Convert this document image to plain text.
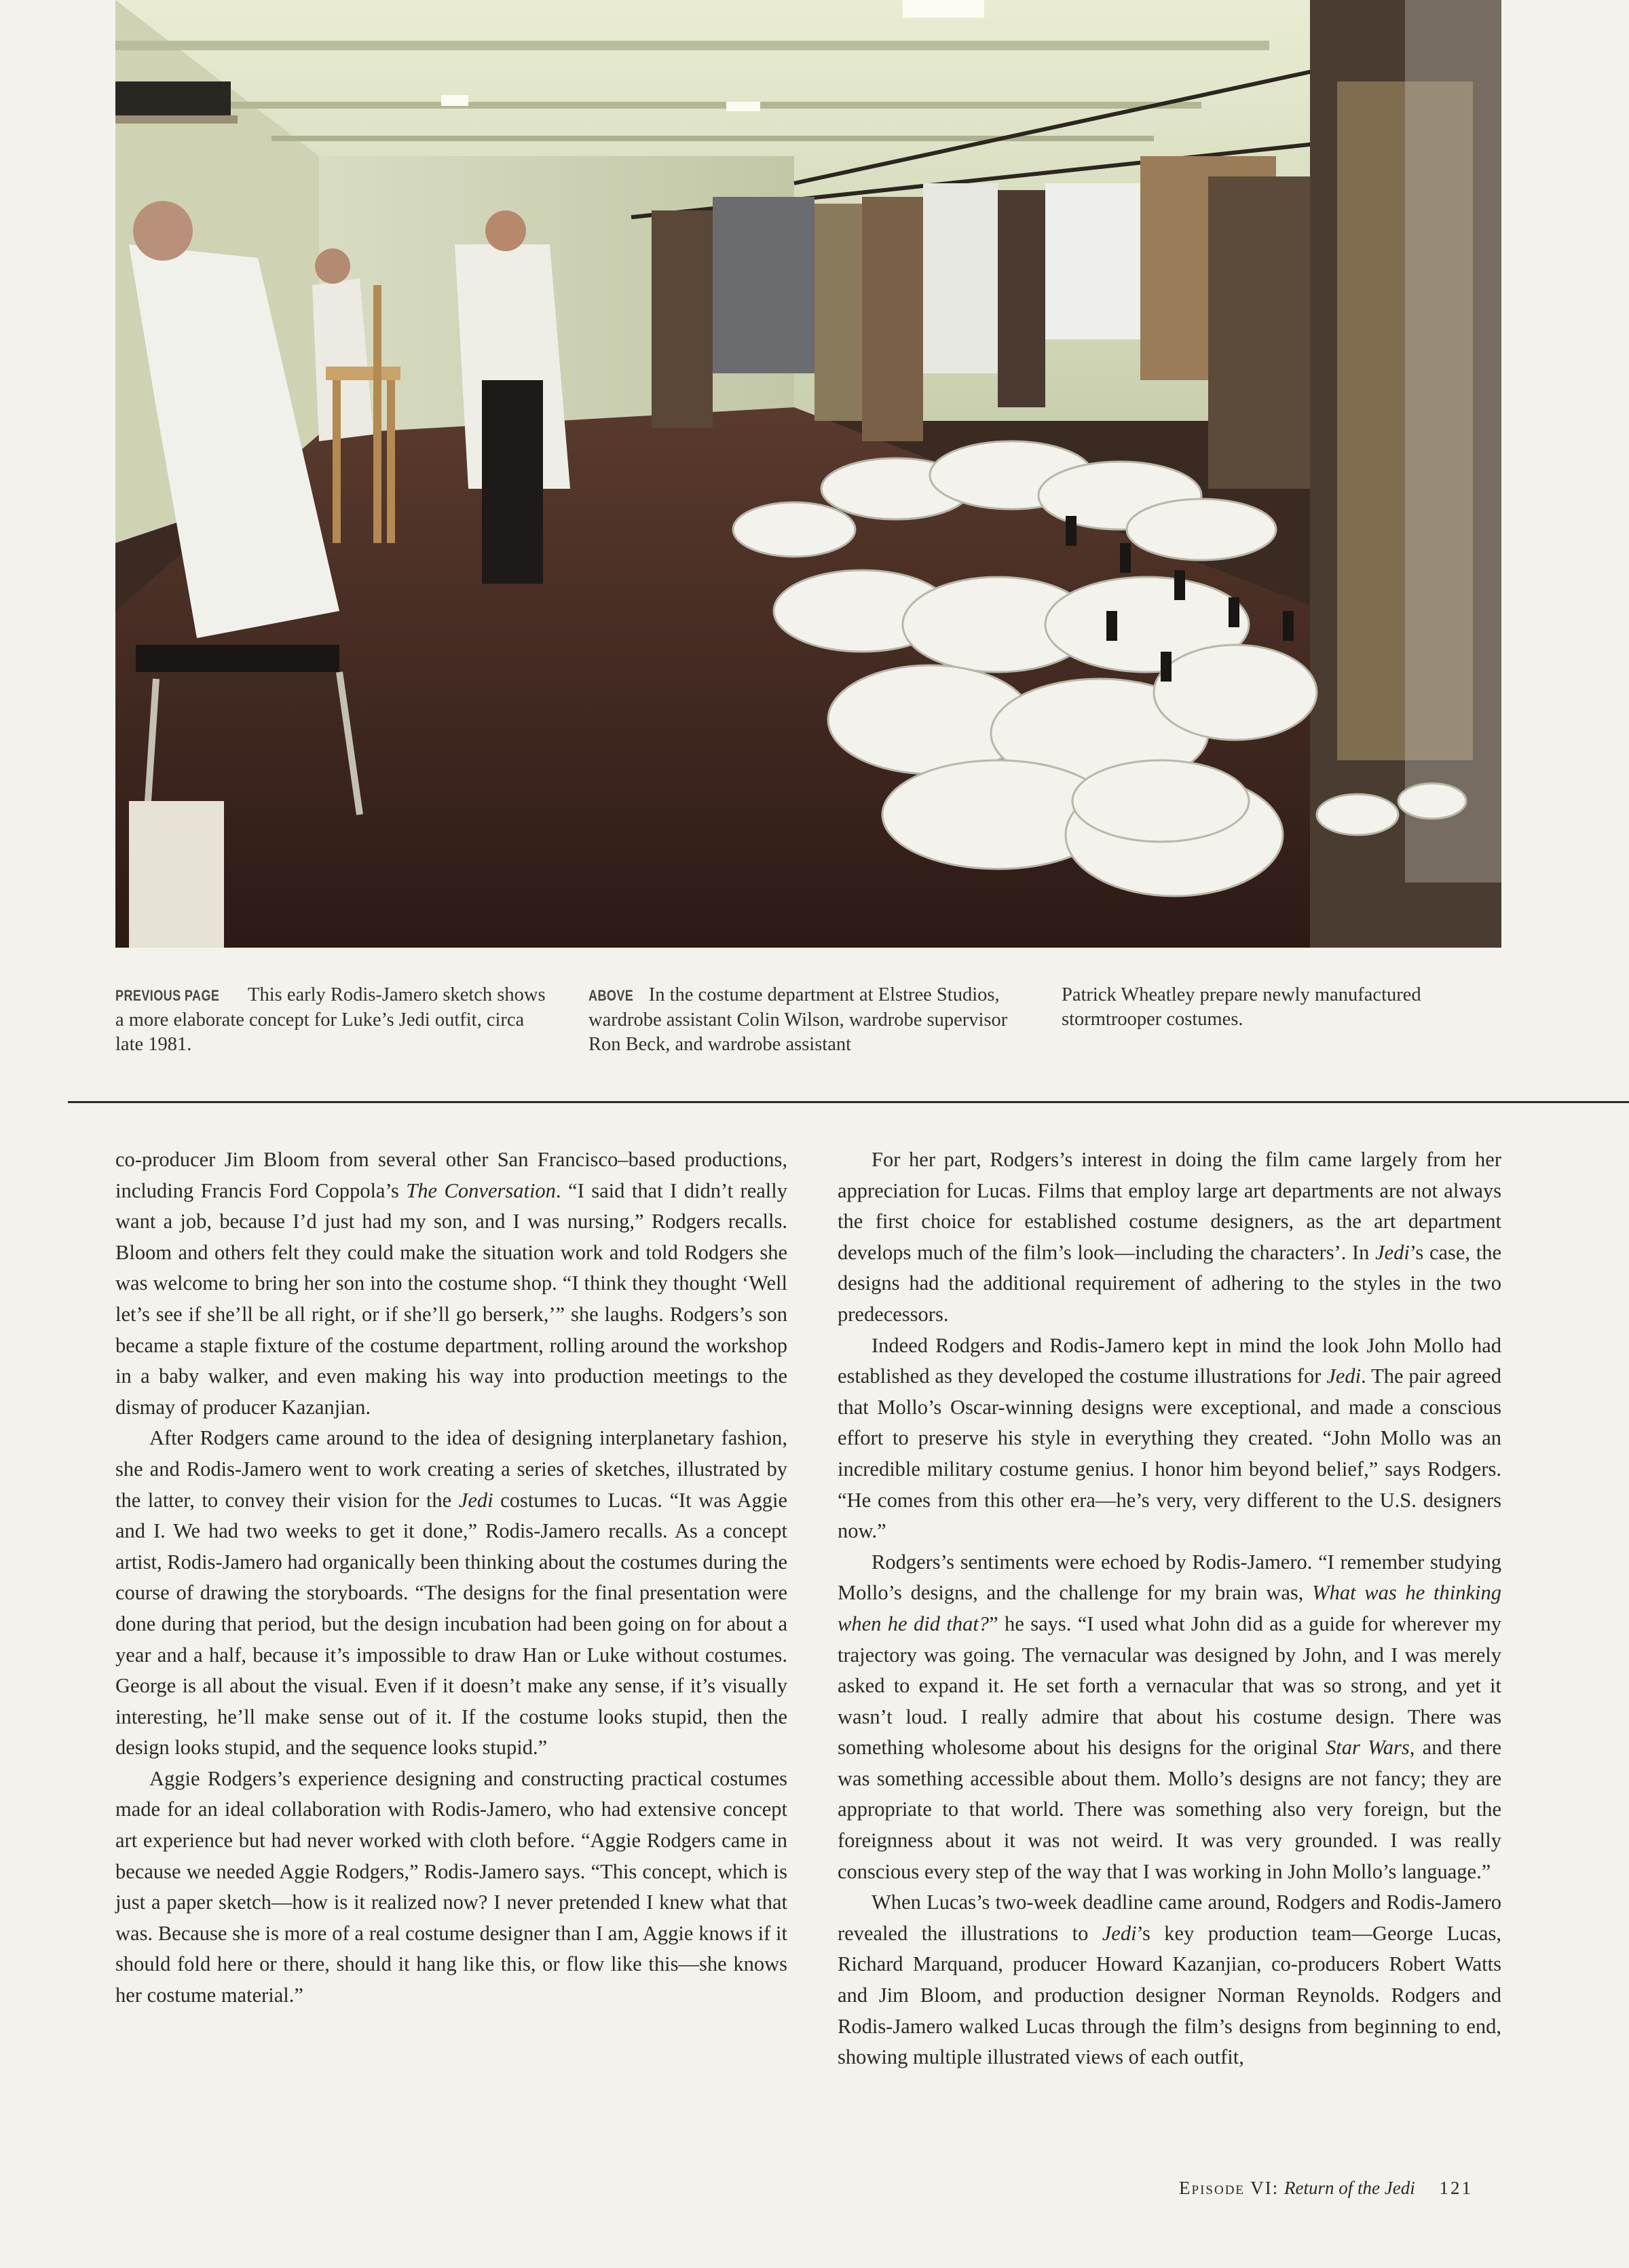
PREVIOUS PAGE This early Rodis-Jamero sketch shows a more elaborate concept for Luke’s Jedi outfit, circa late 1981.
ABOVE In the costume department at Elstree Studios, wardrobe assistant Colin Wilson, wardrobe supervisor Ron Beck, and wardrobe assistant
Patrick Wheatley prepare newly manufactured stormtrooper costumes.

co-producer Jim Bloom from several other San Francisco–based productions, including Francis Ford Coppola’s The Conversation. “I said that I didn’t really want a job, because I’d just had my son, and I was nursing,” Rodgers recalls. Bloom and others felt they could make the situation work and told Rodgers she was welcome to bring her son into the costume shop. “I think they thought ‘Well let’s see if she’ll be all right, or if she’ll go berserk,’” she laughs. Rodgers’s son became a staple fixture of the costume department, rolling around the workshop in a baby walker, and even making his way into production meetings to the dismay of producer Kazanjian.

After Rodgers came around to the idea of designing interplanetary fashion, she and Rodis-Jamero went to work creating a series of sketches, illustrated by the latter, to convey their vision for the Jedi costumes to Lucas. “It was Aggie and I. We had two weeks to get it done,” Rodis-Jamero recalls. As a concept artist, Rodis-Jamero had organically been thinking about the costumes during the course of drawing the storyboards. “The designs for the final presentation were done during that period, but the design incubation had been going on for about a year and a half, because it’s impossible to draw Han or Luke without costumes. George is all about the visual. Even if it doesn’t make any sense, if it’s visually interesting, he’ll make sense out of it. If the costume looks stupid, then the design looks stupid, and the sequence looks stupid.”

Aggie Rodgers’s experience designing and constructing practical costumes made for an ideal collaboration with Rodis-Jamero, who had extensive concept art experience but had never worked with cloth before. “Aggie Rodgers came in because we needed Aggie Rodgers,” Rodis-Jamero says. “This concept, which is just a paper sketch—how is it realized now? I never pretended I knew what that was. Because she is more of a real costume designer than I am, Aggie knows if it should fold here or there, should it hang like this, or flow like this—she knows her costume material.”

For her part, Rodgers’s interest in doing the film came largely from her appreciation for Lucas. Films that employ large art departments are not always the first choice for established costume designers, as the art department develops much of the film’s look—including the characters’. In Jedi’s case, the designs had the additional requirement of adhering to the styles in the two predecessors.

Indeed Rodgers and Rodis-Jamero kept in mind the look John Mollo had established as they developed the costume illustrations for Jedi. The pair agreed that Mollo’s Oscar-winning designs were exceptional, and made a conscious effort to preserve his style in everything they created. “John Mollo was an incredible military costume genius. I honor him beyond belief,” says Rodgers. “He comes from this other era—he’s very, very different to the U.S. designers now.”

Rodgers’s sentiments were echoed by Rodis-Jamero. “I remember studying Mollo’s designs, and the challenge for my brain was, What was he thinking when he did that?” he says. “I used what John did as a guide for wherever my trajectory was going. The vernacular was designed by John, and I was merely asked to expand it. He set forth a vernacular that was so strong, and yet it wasn’t loud. I really admire that about his costume design. There was something wholesome about his designs for the original Star Wars, and there was something accessible about them. Mollo’s designs are not fancy; they are appropriate to that world. There was something also very foreign, but the foreignness about it was not weird. It was very grounded. I was really conscious every step of the way that I was working in John Mollo’s language.”

When Lucas’s two-week deadline came around, Rodgers and Rodis-Jamero revealed the illustrations to Jedi’s key production team—George Lucas, Richard Marquand, producer Howard Kazanjian, co-producers Robert Watts and Jim Bloom, and production designer Norman Reynolds. Rodgers and Rodis-Jamero walked Lucas through the film’s designs from beginning to end, showing multiple illustrated views of each outfit,

Episode VI: Return of the Jedi 121
